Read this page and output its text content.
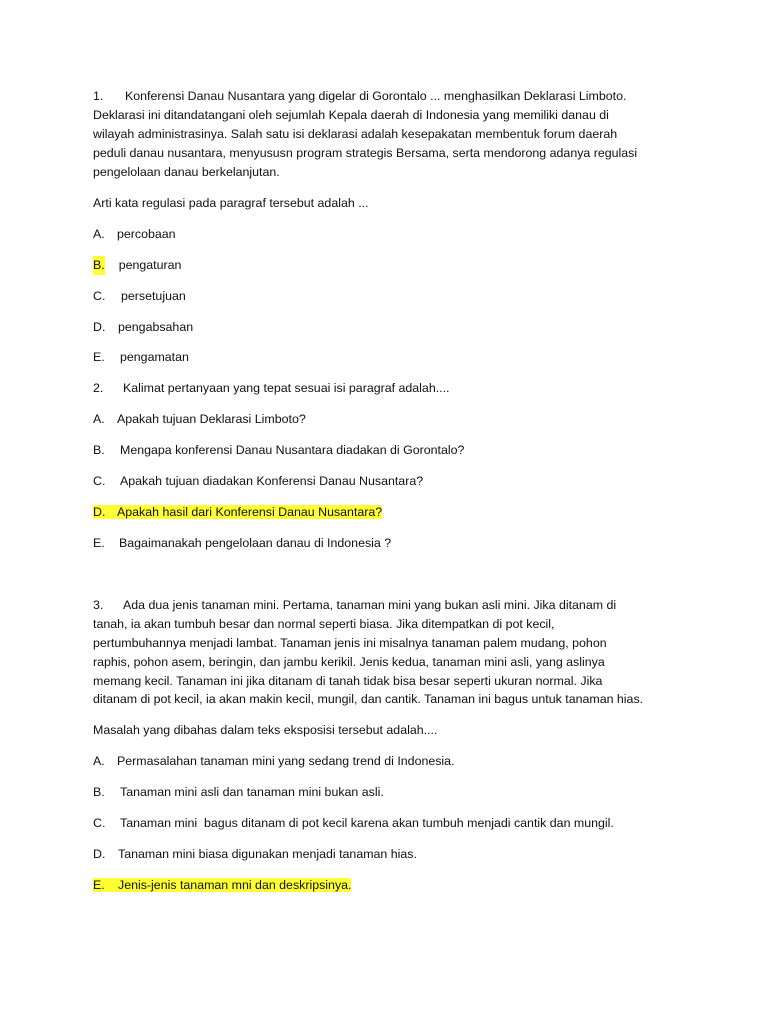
1. Konferensi Danau Nusantara yang digelar di Gorontalo ... menghasilkan Deklarasi Limboto.
Deklarasi ini ditandatangani oleh sejumlah Kepala daerah di Indonesia yang memiliki danau di
wilayah administrasinya. Salah satu isi deklarasi adalah kesepakatan membentuk forum daerah
peduli danau nusantara, menyususn program strategis Bersama, serta mendorong adanya regulasi
pengelolaan danau berkelanjutan.
Arti kata regulasi pada paragraf tersebut adalah ...
A. percobaan
B. pengaturan
C. persetujuan
D. pengabsahan
E. pengamatan
2. Kalimat pertanyaan yang tepat sesuai isi paragraf adalah....
A. Apakah tujuan Deklarasi Limboto?
B. Mengapa konferensi Danau Nusantara diadakan di Gorontalo?
C. Apakah tujuan diadakan Konferensi Danau Nusantara?
D. Apakah hasil dari Konferensi Danau Nusantara?
E. Bagaimanakah pengelolaan danau di Indonesia ?
3. Ada dua jenis tanaman mini. Pertama, tanaman mini yang bukan asli mini. Jika ditanam di
tanah, ia akan tumbuh besar dan normal seperti biasa. Jika ditempatkan di pot kecil,
pertumbuhannya menjadi lambat. Tanaman jenis ini misalnya tanaman palem mudang, pohon
raphis, pohon asem, beringin, dan jambu kerikil. Jenis kedua, tanaman mini asli, yang aslinya
memang kecil. Tanaman ini jika ditanam di tanah tidak bisa besar seperti ukuran normal. Jika
ditanam di pot kecil, ia akan makin kecil, mungil, dan cantik. Tanaman ini bagus untuk tanaman hias.
Masalah yang dibahas dalam teks eksposisi tersebut adalah....
A. Permasalahan tanaman mini yang sedang trend di Indonesia.
B. Tanaman mini asli dan tanaman mini bukan asli.
C. Tanaman mini  bagus ditanam di pot kecil karena akan tumbuh menjadi cantik dan mungil.
D. Tanaman mini biasa digunakan menjadi tanaman hias.
E. Jenis-jenis tanaman mni dan deskripsinya.
